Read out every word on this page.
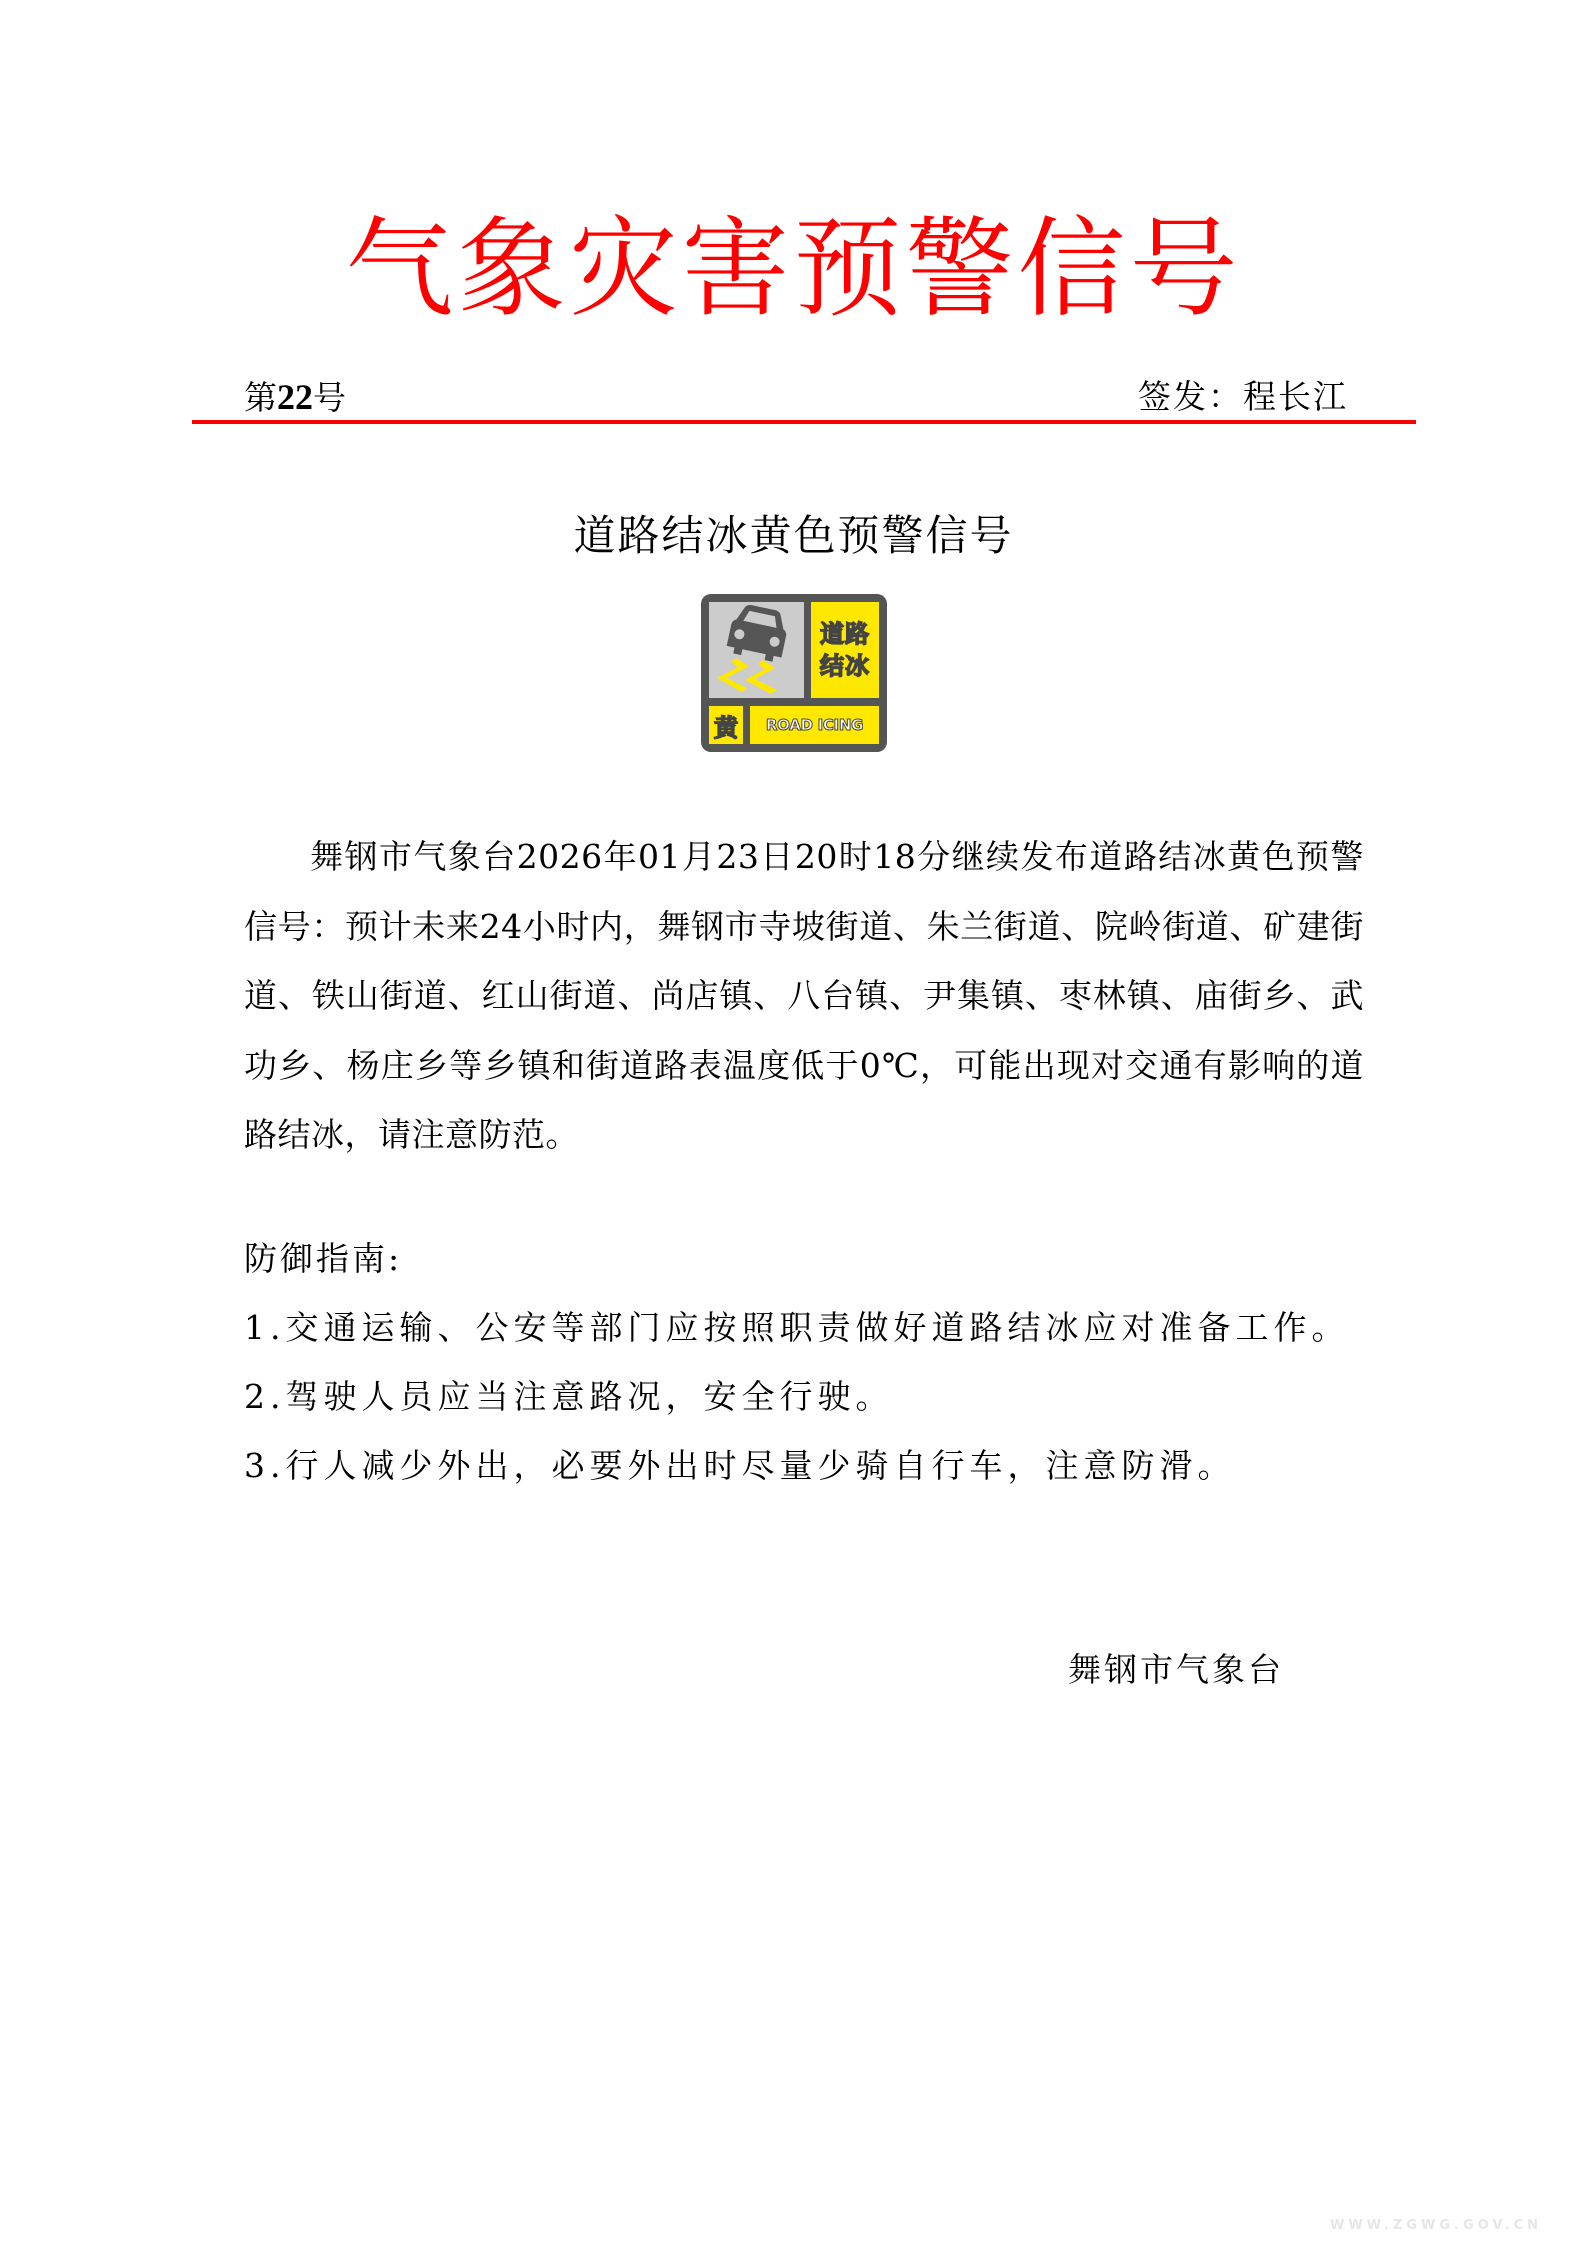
气象灾害预警信号
第22号	签发：程长江
道路结冰黄色预警信号
道路
结冰
黄	ROAD ICING
舞钢市气象台2026年01月23日20时18分继续发布道路结冰黄色预警信号：预计未来24小时内，舞钢市寺坡街道、朱兰街道、院岭街道、矿建街道、铁山街道、红山街道、尚店镇、八台镇、尹集镇、枣林镇、庙街乡、武功乡、杨庄乡等乡镇和街道路表温度低于0℃，可能出现对交通有影响的道路结冰，请注意防范。
防御指南:
1.交通运输、公安等部门应按照职责做好道路结冰应对准备工作。
2.驾驶人员应当注意路况，安全行驶。
3.行人减少外出，必要外出时尽量少骑自行车，注意防滑。
舞钢市气象台
WWW.ZGWG.GOV.CN
